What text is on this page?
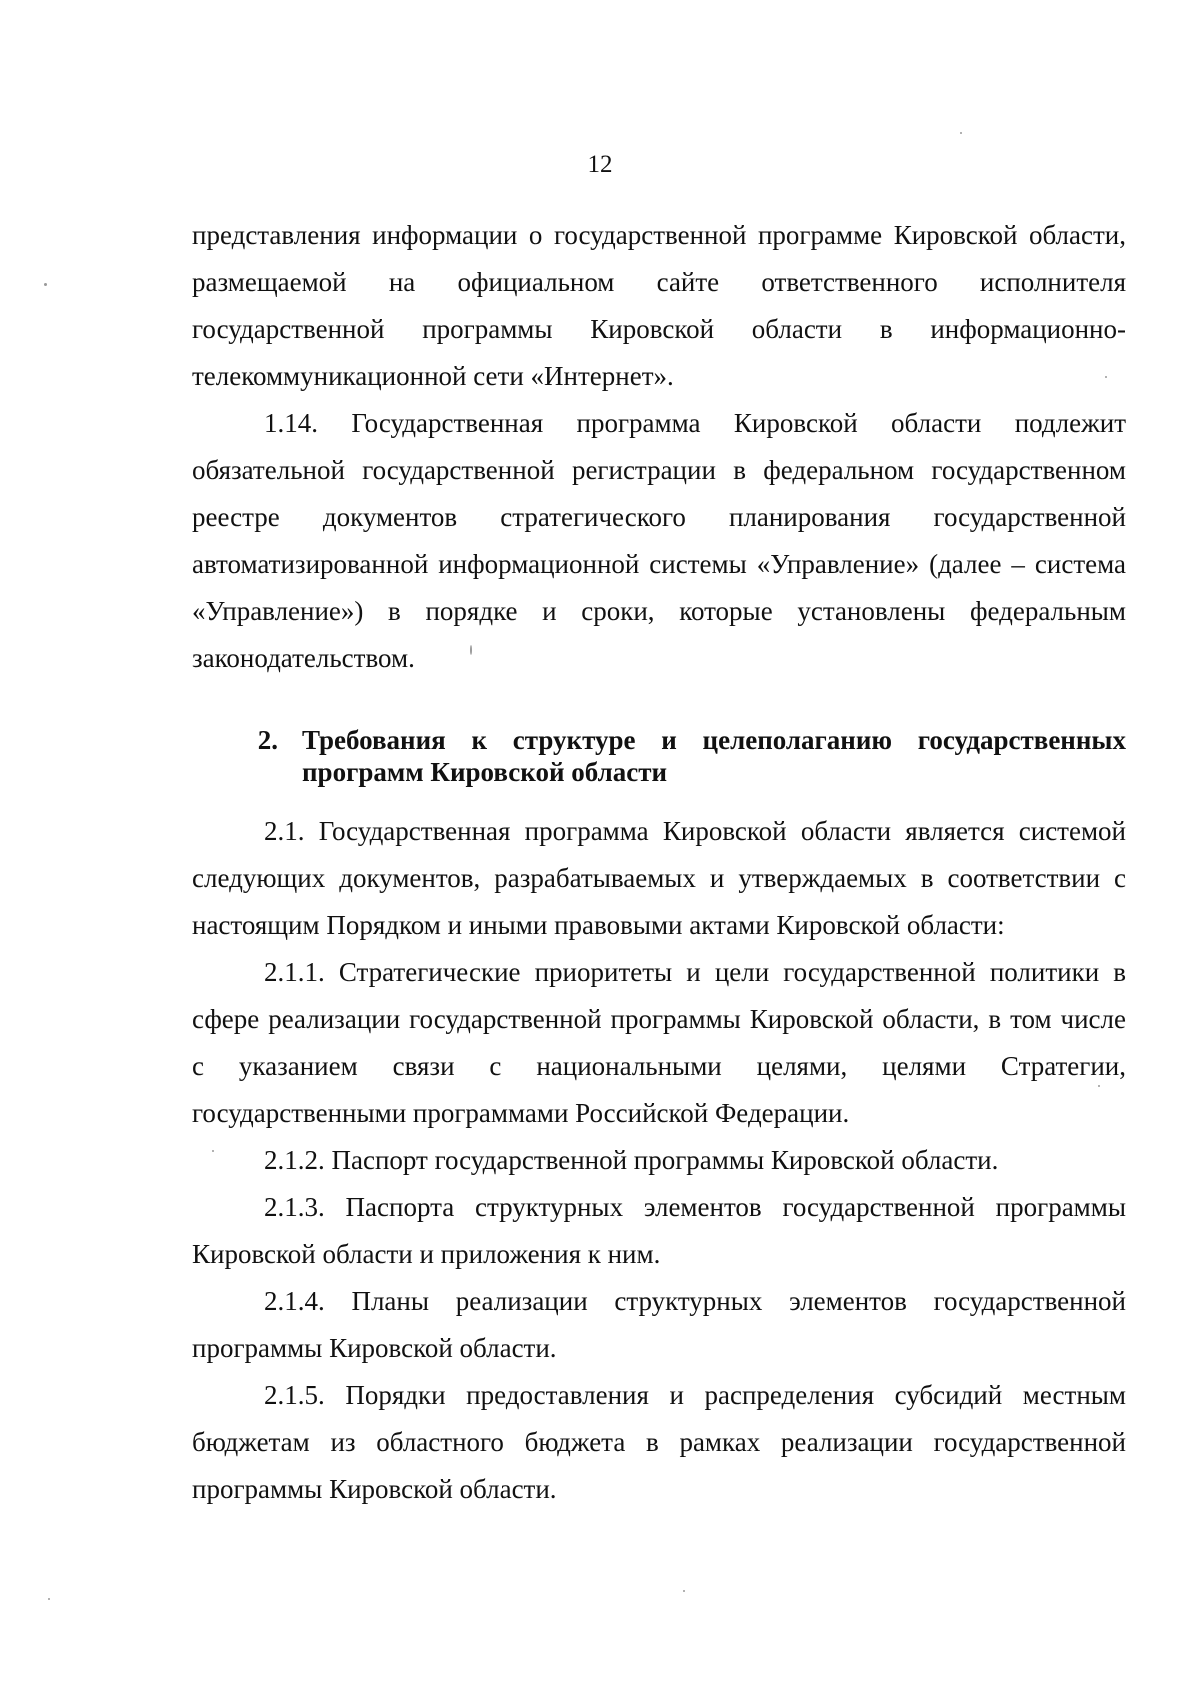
12

представления информации о государственной программе Кировской области, размещаемой на официальном сайте ответственного исполнителя государственной программы Кировской области в информационно-телекоммуникационной сети «Интернет».

1.14. Государственная программа Кировской области подлежит обязательной государственной регистрации в федеральном государственном реестре документов стратегического планирования государственной автоматизированной информационной системы «Управление» (далее – система «Управление») в порядке и сроки, которые установлены федеральным законодательством.

2. Требования к структуре и целеполаганию государственных программ Кировской области

2.1. Государственная программа Кировской области является системой следующих документов, разрабатываемых и утверждаемых в соответствии с настоящим Порядком и иными правовыми актами Кировской области:

2.1.1. Стратегические приоритеты и цели государственной политики в сфере реализации государственной программы Кировской области, в том числе с указанием связи с национальными целями, целями Стратегии, государственными программами Российской Федерации.

2.1.2. Паспорт государственной программы Кировской области.

2.1.3. Паспорта структурных элементов государственной программы Кировской области и приложения к ним.

2.1.4. Планы реализации структурных элементов государственной программы Кировской области.

2.1.5. Порядки предоставления и распределения субсидий местным бюджетам из областного бюджета в рамках реализации государственной программы Кировской области.
